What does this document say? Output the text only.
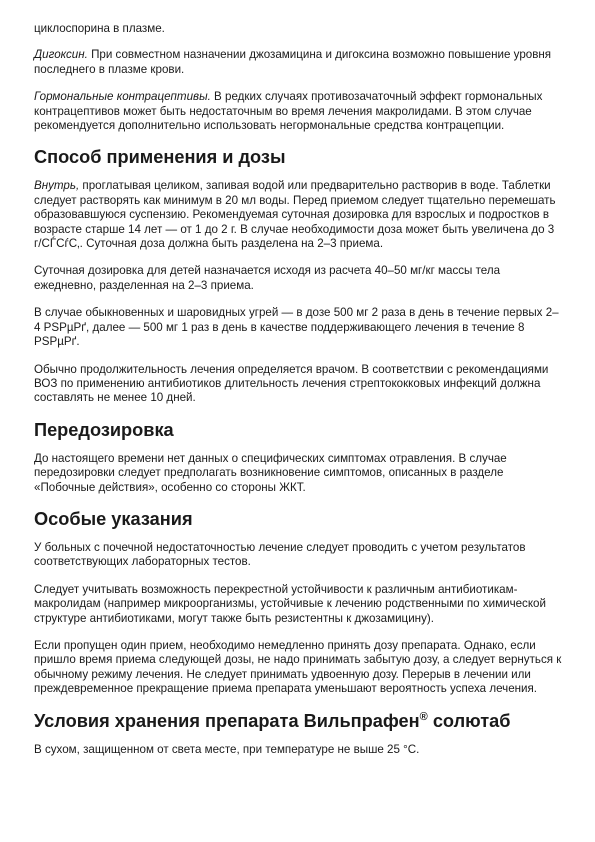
циклоспорина в плазме.

Дигоксин. При совместном назначении джозамицина и дигоксина возможно повышение уровня последнего в плазме крови.

Гормональные контрацептивы. В редких случаях противозачаточный эффект гормональных контрацептивов может быть недостаточным во время лечения макролидами. В этом случае рекомендуется дополнительно использовать негормональные средства контрацепции.

Способ применения и дозы

Внутрь, проглатывая целиком, запивая водой или предварительно растворив в воде. Таблетки следует растворять как минимум в 20 мл воды. Перед приемом следует тщательно перемешать образовавшуюся суспензию. Рекомендуемая суточная дозировка для взрослых и подростков в возрасте старше 14 лет — от 1 до 2 г. В случае необходимости доза может быть увеличена до 3 г/СЃСѓС‚. Суточная доза должна быть разделена на 2–3 приема.

Суточная дозировка для детей назначается исходя из расчета 40–50 мг/кг массы тела ежедневно, разделенная на 2–3 приема.

В случае обыкновенных и шаровидных угрей — в дозе 500 мг 2 раза в день в течение первых 2–4 РЅРµРґ, далее — 500 мг 1 раз в день в качестве поддерживающего лечения в течение 8 РЅРµРґ.

Обычно продолжительность лечения определяется врачом. В соответствии с рекомендациями ВОЗ по применению антибиотиков длительность лечения стрептококковых инфекций должна составлять не менее 10 дней.

Передозировка

До настоящего времени нет данных о специфических симптомах отравления. В случае передозировки следует предполагать возникновение симптомов, описанных в разделе «Побочные действия», особенно со стороны ЖКТ.

Особые указания

У больных с почечной недостаточностью лечение следует проводить с учетом результатов соответствующих лабораторных тестов.

Следует учитывать возможность перекрестной устойчивости к различным антибиотикам-макролидам (например микроорганизмы, устойчивые к лечению родственными по химической структуре антибиотиками, могут также быть резистентны к джозамицину).

Если пропущен один прием, необходимо немедленно принять дозу препарата. Однако, если пришло время приема следующей дозы, не надо принимать забытую дозу, а следует вернуться к обычному режиму лечения. Не следует принимать удвоенную дозу. Перерыв в лечении или преждевременное прекращение приема препарата уменьшают вероятность успеха лечения.

Условия хранения препарата Вильпрафен® солютаб

В сухом, защищенном от света месте, при температуре не выше 25 °С.
